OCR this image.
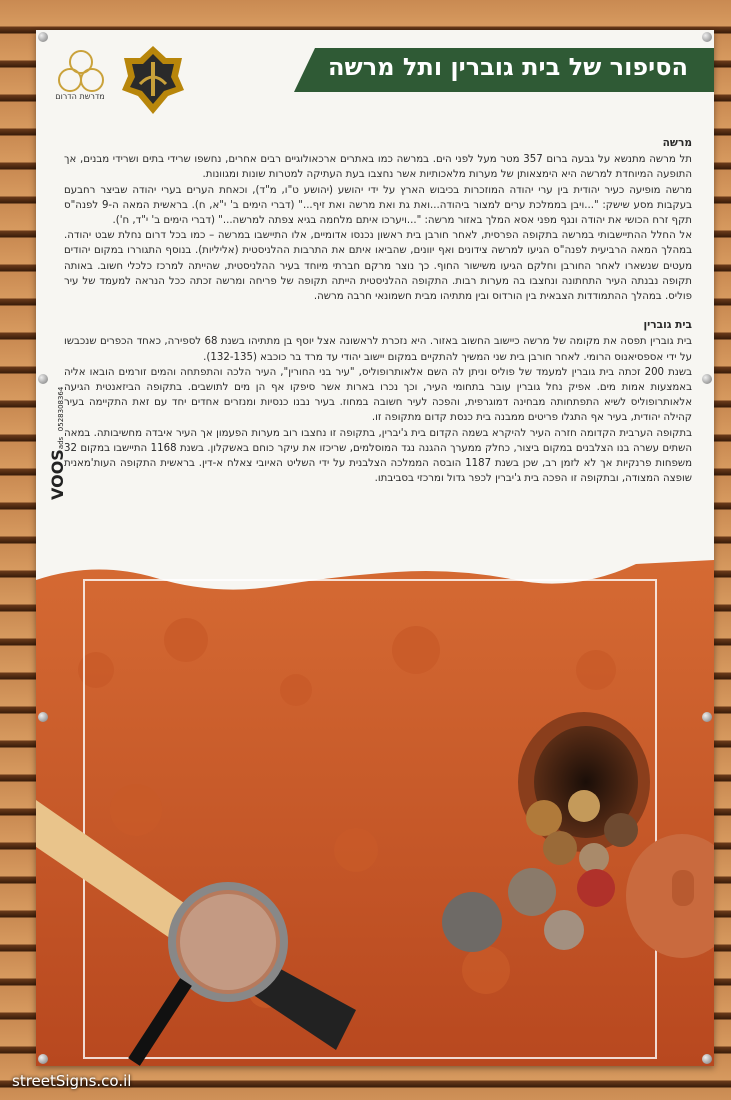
מדרשת הדרום
הסיפור של בית גוברין ותל מרשה
מרשה

תל מרשה מתנשא על גבעה ברום 357 מטר מעל לפני הים. במרשה כמו באתרים ארכאולוגיים רבים אחרים, נחשפו שרידי בתים ושרידי מבנים, אך התופעה המיוחדת למרשה היא הימצאותן של מערות מלאכותיות אשר נחצבו בעת העתיקה למטרות שונות ומגוונות.

מרשה מופיעה כעיר יהודית בין ערי יהודה המוזכרות בכיבוש הארץ על ידי יהושע (יהושע ט"ו, מ"ד), וכאחת הערים בערי יהודה שביצר רחבעם בעקבות מסע שישק: "...ויבן בממלכת ערים למצור ביהודה...ואת גת ואת מרשה ואת זיף..." (דברי הימים ב' י"א, ח). בראשית המאה ה-9 לפנה"ס תקף זרח הכושי את יהודה ונגף מפני אסא המלך באזור מרשה: "...ויערכו איתם מלחמה בגיא צפתה למרשה..." (דברי הימים ב' י"ד, ח').

אל החלל ההתיישבותי במרשה בתקופה הפרסית, לאחר חורבן בית ראשון נכנסו אדומיים, אלו התיישבו במרשה – כמו בכל דרום נחלת שבט יהודה. במהלך המאה הרביעית לפנה"ס הגיעו למרשה צידונים ואף יוונים, שהביאו איתם את התרבות ההלניסטית (אליליות). בנוסף התגוררו במקום יהודים מעטים שנשארו לאחר החורבן וחלקם הגיעו משישור החוף. כך נוצר מרקם חברתי מיוחד בעיר ההלניסטית, שהייתה למרכז כלכלי חשוב. באותה תקופה נבנתה העיר התחתונה ונחצבו בה מערות רבות. התקופה ההלניסטית הייתה תקופה של פריחה ומרשה זכתה ככל הנראה למעמד של עיר פוליס. במהלך ההתמודדות הצבאית בין הורדוס ובין מתתיהו מבית חשמונאי חרבה מרשה.

בית גוברין

בית גוברין תפסה את מקומה של מרשה כיישוב החשוב באזור. היא נזכרת לראשונה אצל יוסף בן מתתיהו בשנת 68 לספירה, כאחד הכפרים שנכבשו על ידי אספסיאנוס הרומי. לאחר חורבן בית שני המשיך להתקיים במקום יישוב יהודי עד מרד בר כוכבא (132-135).

בשנת 200 זכתה בית גוברין למעמד של פוליס וניתן לה השם אלאותרופוליס, "עיר בני החורין", העיר הלכה והתפתחה והמים זורמים הובאו אליה באמצעות אמות מים. אפיק נחל גוברין עובר בתחומי העיר, וכך נכרו בארות אשר סיפקו אף הן מים לתושבים. בתקופה הביזאנטית הגיעה אלאותרופוליס לשיא התפתחותה מבחינה דמוגרפית, והפכה לעיר חשובה במחוז. בעיר נבנו כנסיות ומנזרים אחדים יחד עם זאת התקיימה בעיר קהילה יהודית, בעיר אף התגלו פריטים ממבנה בית כנסת קדום מתקופה זו.

בתקופה הערבית הקדומה חזרה העיר להיקרא בשמה הקדום בית ג'יברין, בתקופה זו נחצבו רוב מערות הפעמון אך העיר איבדה מחשיבותה. במאה השתים עשרה בנו הצלבנים במקום ביצור, כחלק ממערך ההגנה נגד המוסלמים, שריכזו את עיקר כוחם באשקלון. בשנת 1168 התיישבו במקום 32 משפחות פרנקיות אך לא לזמן רב, שכן בשנת 1187 הובסה הממלכה הצלבנית על ידי השליט האיובי צאלח א-דין. בראשית התקופה העות'מאנית שופצה המצודה, ובתקופה זו הפכה בית ג'יברין לכפר גדול ומרכזי בסביבתו.

VOOSads 0528308364
streetSigns.co.il
